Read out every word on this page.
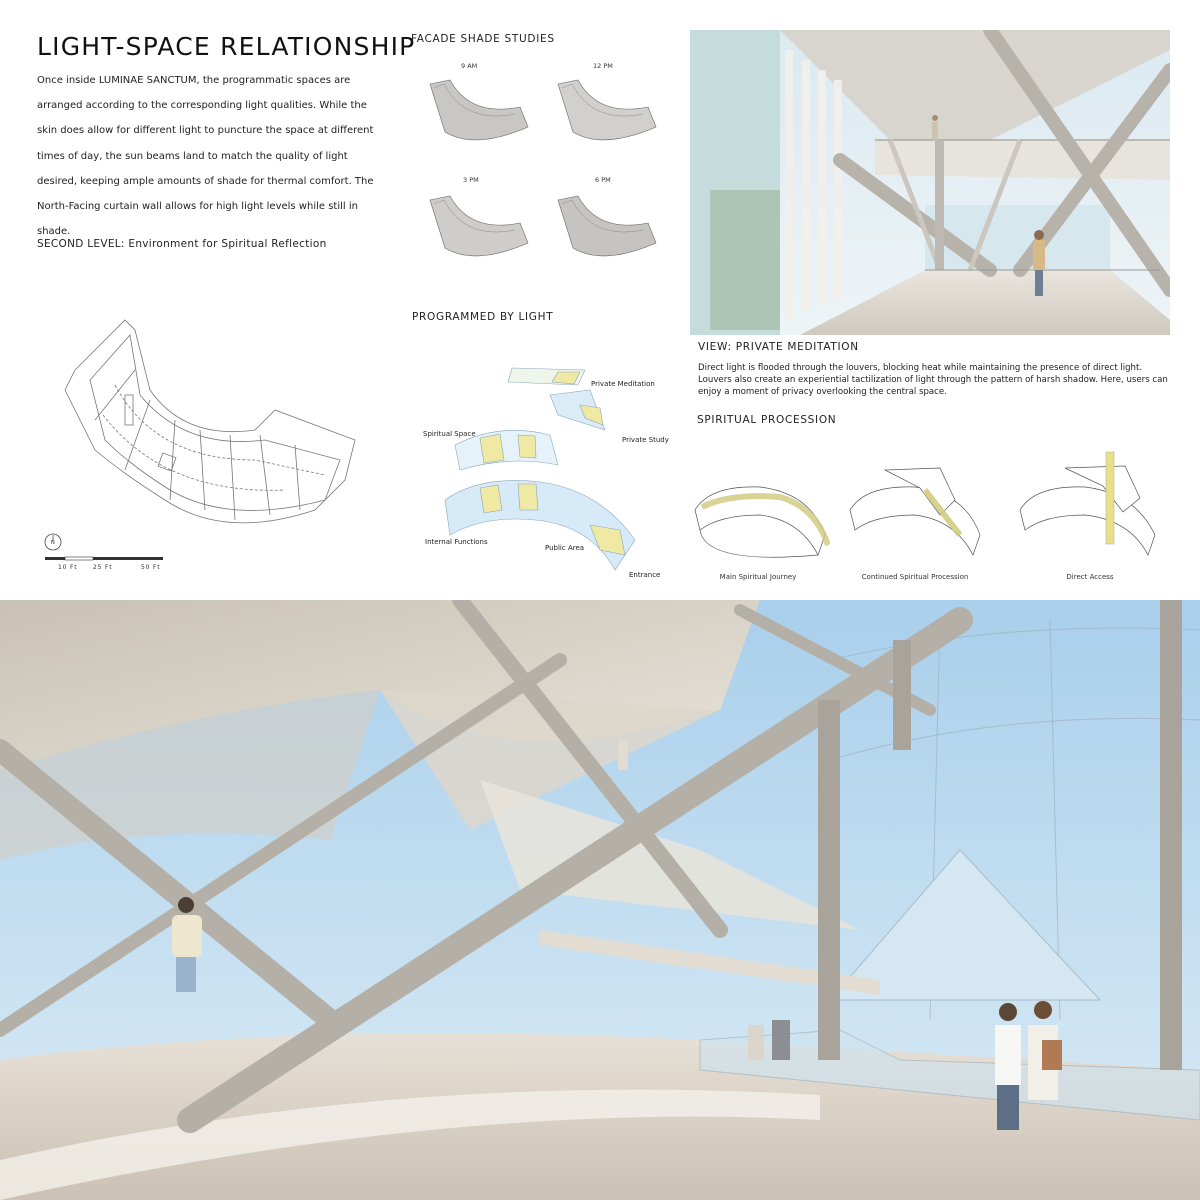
LIGHT-SPACE RELATIONSHIP

Once inside LUMINAE SANCTUM, the programmatic spaces are arranged according to the corresponding light qualities. While the skin does allow for different light to puncture the space at different times of day, the sun beams land to match the quality of light desired, keeping ample amounts of shade for thermal comfort. The North-Facing curtain wall allows for high light levels while still in shade.

SECOND LEVEL: Environment for Spiritual Reflection
N
10 Ft	25 Ft	50 Ft
FACADE SHADE STUDIES
9 AM	12 PM
3 PM	6 PM
PROGRAMMED BY LIGHT
Private Meditation
Private Study
Spiritual Space
Internal Functions
Public Area
Entrance
VIEW: PRIVATE MEDITATION

Direct light is flooded through the louvers, blocking heat while maintaining the presence of direct light. Louvers also create an experiential tactilization of light through the pattern of harsh shadow. Here, users can enjoy a moment of privacy overlooking the central space.

SPIRITUAL PROCESSION
Main Spiritual Journey	Continued Spiritual Procession	Direct Access
